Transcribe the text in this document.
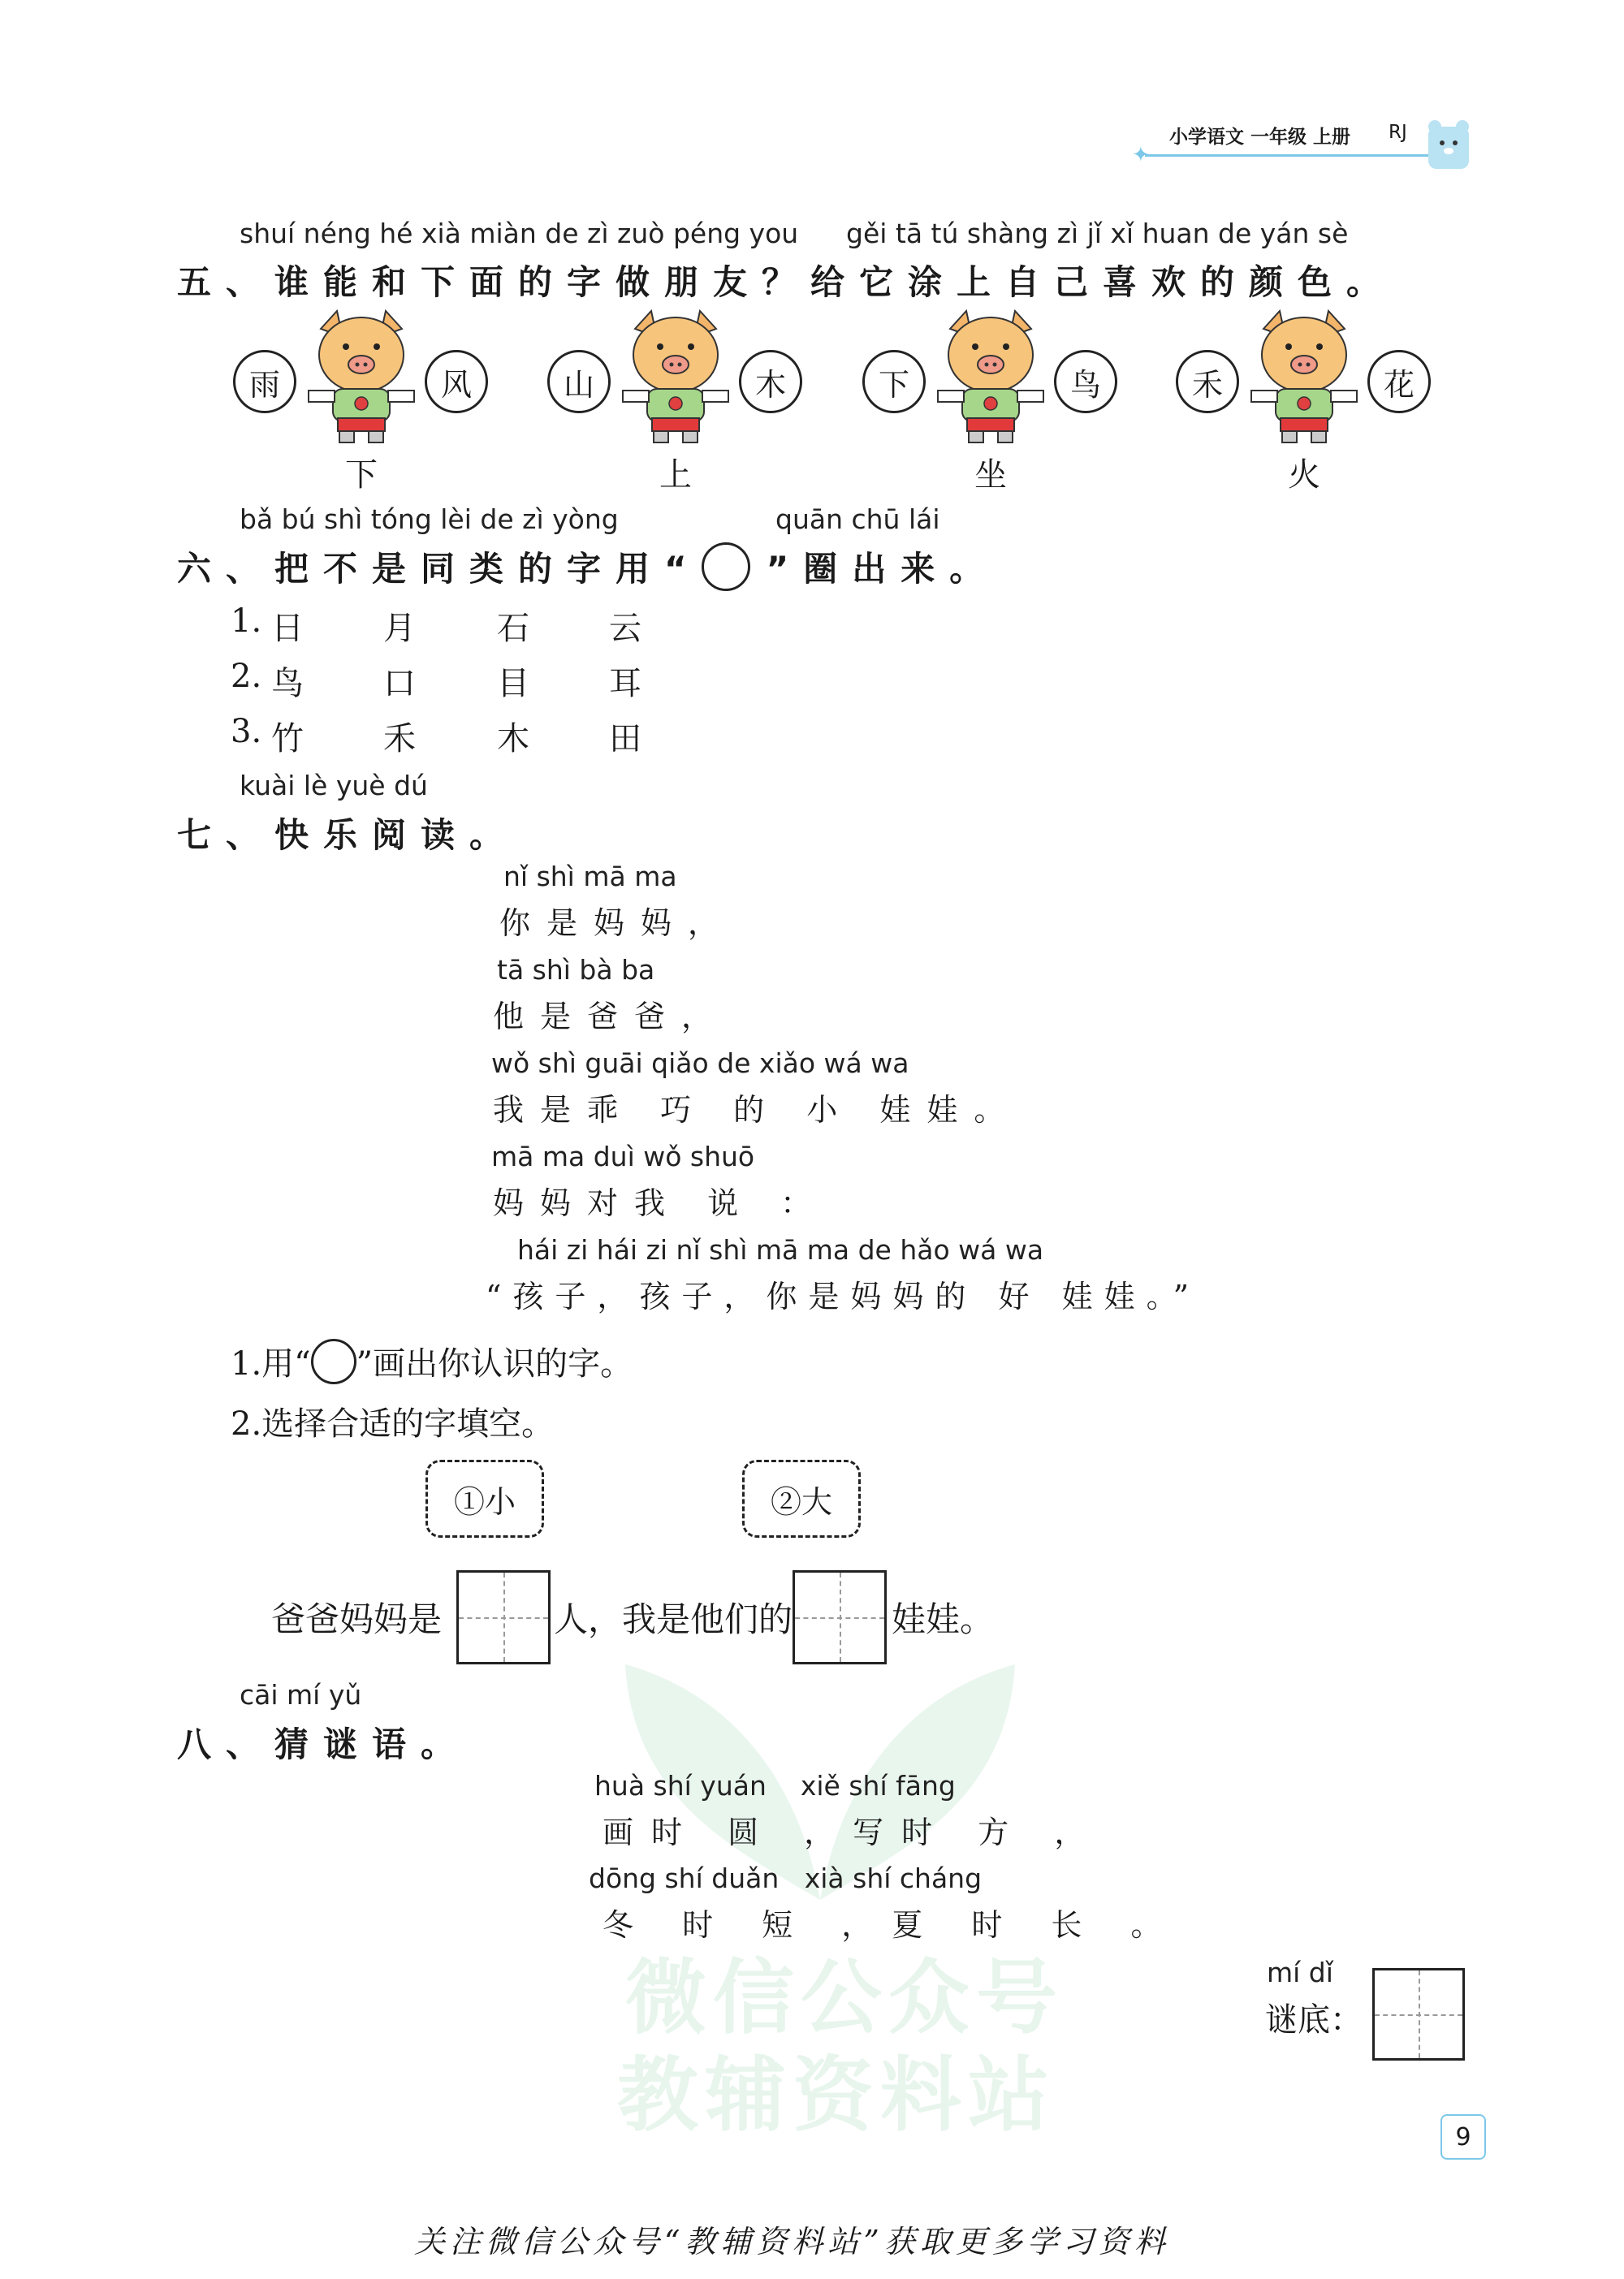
小学语文 一年级 上册 RJ
✦
shuí néng hé xià miàn de zì zuò péng you gěi tā tú shàng zì jǐ xǐ huan de yán sè
五、谁能和下面的字做朋友？给它涂上自己喜欢的颜色。
雨	风
下
山	木
上
下	鸟
坐
禾	花
火
bǎ bú shì tóng lèi de zì yòng	quān chū lái
六、把不是同类的字用“ ”圈出来。
1. 日 月	石 云
2. 鸟 口	目 耳
3. 竹 禾	木 田
kuài lè yuè dú
七、快乐阅读。
nǐ shì mā ma
你是妈妈，
tā shì bà ba
他是爸爸，
wǒ shì guāi qiǎo de xiǎo wá wa
我是乖 巧 的 小 娃娃。
mā ma duì wǒ shuō
妈妈对我 说 ：
hái zi hái zi nǐ shì mā ma de hǎo wá wa
“孩子，孩子，你是妈妈的 好 娃娃。”
1.用“ ”画出你认识的字。
2.选择合适的字填空。
①小	②大
爸爸妈妈是	人，我是他们的	娃娃。
微信公众号
教辅资料站
cāi mí yǔ
八、猜谜语。
huà shí yuán    xiě shí fāng
画时 圆 ，写时 方 ，
dōng shí duǎn   xià shí cháng
冬 时 短 ，夏 时 长 。
mí dǐ
谜底：
9
关注微信公众号“教辅资料站”获取更多学习资料
